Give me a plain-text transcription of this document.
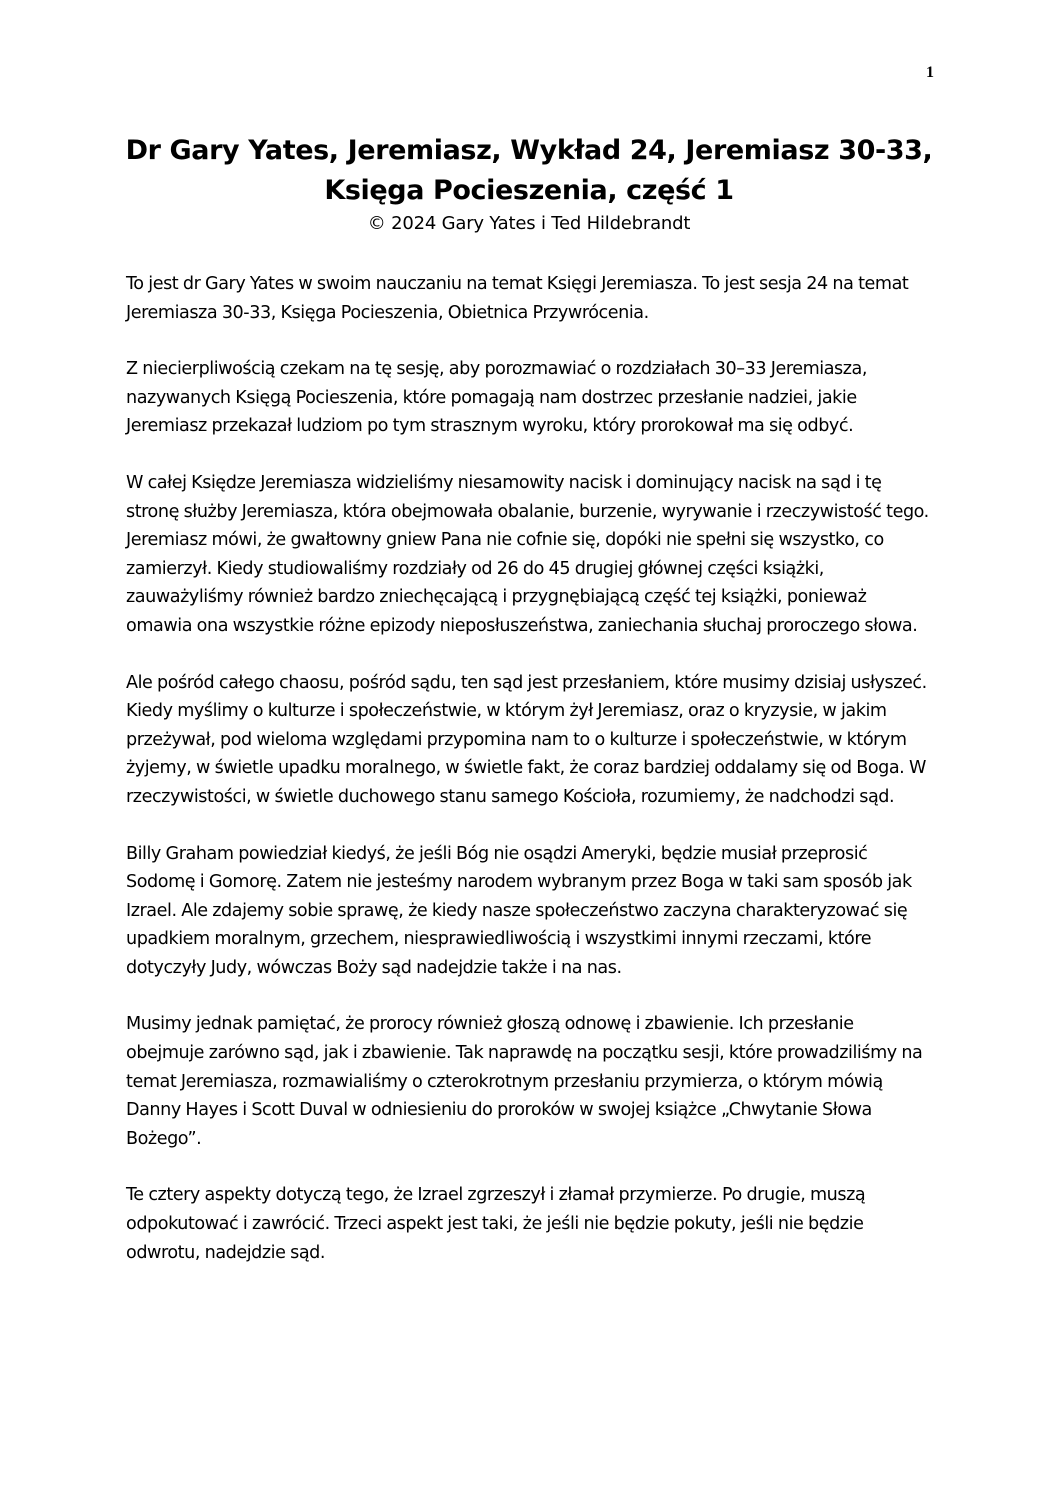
1
Dr Gary Yates, Jeremiasz, Wykład 24, Jeremiasz 30-33,
Księga Pocieszenia, część 1

© 2024 Gary Yates i Ted Hildebrandt

To jest dr Gary Yates w swoim nauczaniu na temat Księgi Jeremiasza. To jest sesja 24 na temat Jeremiasza 30-33, Księga Pocieszenia, Obietnica Przywrócenia.

Z niecierpliwością czekam na tę sesję, aby porozmawiać o rozdziałach 30–33 Jeremiasza, nazywanych Księgą Pocieszenia, które pomagają nam dostrzec przesłanie nadziei, jakie Jeremiasz przekazał ludziom po tym strasznym wyroku, który prorokował ma się odbyć.

W całej Księdze Jeremiasza widzieliśmy niesamowity nacisk i dominujący nacisk na sąd i tę stronę służby Jeremiasza, która obejmowała obalanie, burzenie, wyrywanie i rzeczywistość tego. Jeremiasz mówi, że gwałtowny gniew Pana nie cofnie się, dopóki nie spełni się wszystko, co zamierzył. Kiedy studiowaliśmy rozdziały od 26 do 45 drugiej głównej części książki, zauważyliśmy również bardzo zniechęcającą i przygnębiającą część tej książki, ponieważ omawia ona wszystkie różne epizody nieposłuszeństwa, zaniechania słuchaj proroczego słowa.

Ale pośród całego chaosu, pośród sądu, ten sąd jest przesłaniem, które musimy dzisiaj usłyszeć. Kiedy myślimy o kulturze i społeczeństwie, w którym żył Jeremiasz, oraz o kryzysie, w jakim przeżywał, pod wieloma względami przypomina nam to o kulturze i społeczeństwie, w którym żyjemy, w świetle upadku moralnego, w świetle fakt, że coraz bardziej oddalamy się od Boga. W rzeczywistości, w świetle duchowego stanu samego Kościoła, rozumiemy, że nadchodzi sąd.

Billy Graham powiedział kiedyś, że jeśli Bóg nie osądzi Ameryki, będzie musiał przeprosić Sodomę i Gomorę. Zatem nie jesteśmy narodem wybranym przez Boga w taki sam sposób jak Izrael. Ale zdajemy sobie sprawę, że kiedy nasze społeczeństwo zaczyna charakteryzować się upadkiem moralnym, grzechem, niesprawiedliwością i wszystkimi innymi rzeczami, które dotyczyły Judy, wówczas Boży sąd nadejdzie także i na nas.

Musimy jednak pamiętać, że prorocy również głoszą odnowę i zbawienie. Ich przesłanie obejmuje zarówno sąd, jak i zbawienie. Tak naprawdę na początku sesji, które prowadziliśmy na temat Jeremiasza, rozmawialiśmy o czterokrotnym przesłaniu przymierza, o którym mówią Danny Hayes i Scott Duval w odniesieniu do proroków w swojej książce „Chwytanie Słowa Bożego”.

Te cztery aspekty dotyczą tego, że Izrael zgrzeszył i złamał przymierze. Po drugie, muszą odpokutować i zawrócić. Trzeci aspekt jest taki, że jeśli nie będzie pokuty, jeśli nie będzie odwrotu, nadejdzie sąd.
